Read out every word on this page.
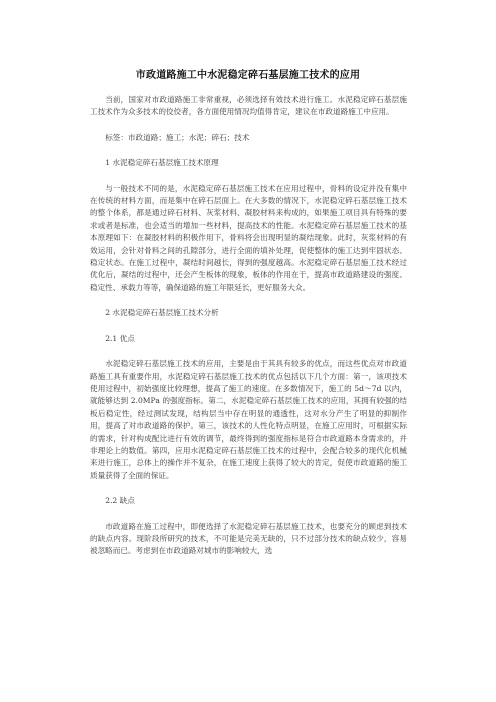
市政道路施工中水泥稳定碎石基层施工技术的应用

当前，国家对市政道路施工非常重视，必须选择有效技术进行施工。水泥稳定碎石基层施工技术作为众多技术的佼佼者，各方面使用情况均值得肯定，建议在市政道路施工中应用。

标签：市政道路；施工；水泥；碎石；技术

1 水泥稳定碎石基层施工技术原理

与一般技术不同的是，水泥稳定碎石基层施工技术在应用过程中，骨料的设定并没有集中在传统的材料方面，而是集中在碎石层面上。在大多数的情况下，水泥稳定碎石基层施工技术的整个体系，都是通过碎石材料、灰浆材料、凝胶材料来构成的，如果施工项目具有特殊的要求或者是标准，也会适当的增加一些材料，提高技术的性能。水泥稳定碎石基层施工技术的基本原理如下：在凝胶材料的积极作用下，骨料将会出现明显的凝结现象。此时，灰浆材料的有效运用，会针对骨料之间的孔隙部分，进行全面的填补处理，促使整体的施工达到牢固状态、稳定状态。在施工过程中，凝结时间越长，得到的强度越高。水泥稳定碎石基层施工技术经过优化后，凝结的过程中，还会产生板体的现象，板体的作用在于，提高市政道路建设的强度、稳定性、承载力等等，确保道路的施工年限延长，更好服务大众。

2 水泥稳定碎石基层施工技术分析

2.1 优点

水泥稳定碎石基层施工技术的应用，主要是由于其具有较多的优点，而这些优点对市政道路施工具有重要作用，水泥稳定碎石基层施工技术的优点包括以下几个方面：第一，该项技术使用过程中，初始强度比较理想，提高了施工的速度。在多数情况下，施工的 5d～7d 以内，就能够达到 2.0MPa 的强度指标。第二，水泥稳定碎石基层施工技术的应用，其拥有较强的结板后稳定性，经过测试发现，结构层当中存在明显的通透性，这对水分产生了明显的抑制作用，提高了对市政道路的保护。第三，该技术的人性化特点明显，在施工应用时，可根据实际的需求，针对构成配比进行有效的调节，最终得到的强度指标是符合市政道路本身需求的，并非理论上的数值。第四，应用水泥稳定碎石基层施工技术的过程中，会配合较多的现代化机械来进行施工，总体上的操作并不复杂，在施工速度上获得了较大的肯定，促使市政道路的施工质量获得了全面的保证。

2.2 缺点

市政道路在施工过程中，即便选择了水泥稳定碎石基层施工技术，也要充分的顾虑到技术的缺点内容。现阶段所研究的技术，不可能是完美无缺的，只不过部分技术的缺点较少，容易被忽略而已。考虑到在市政道路对城市的影响较大，选
